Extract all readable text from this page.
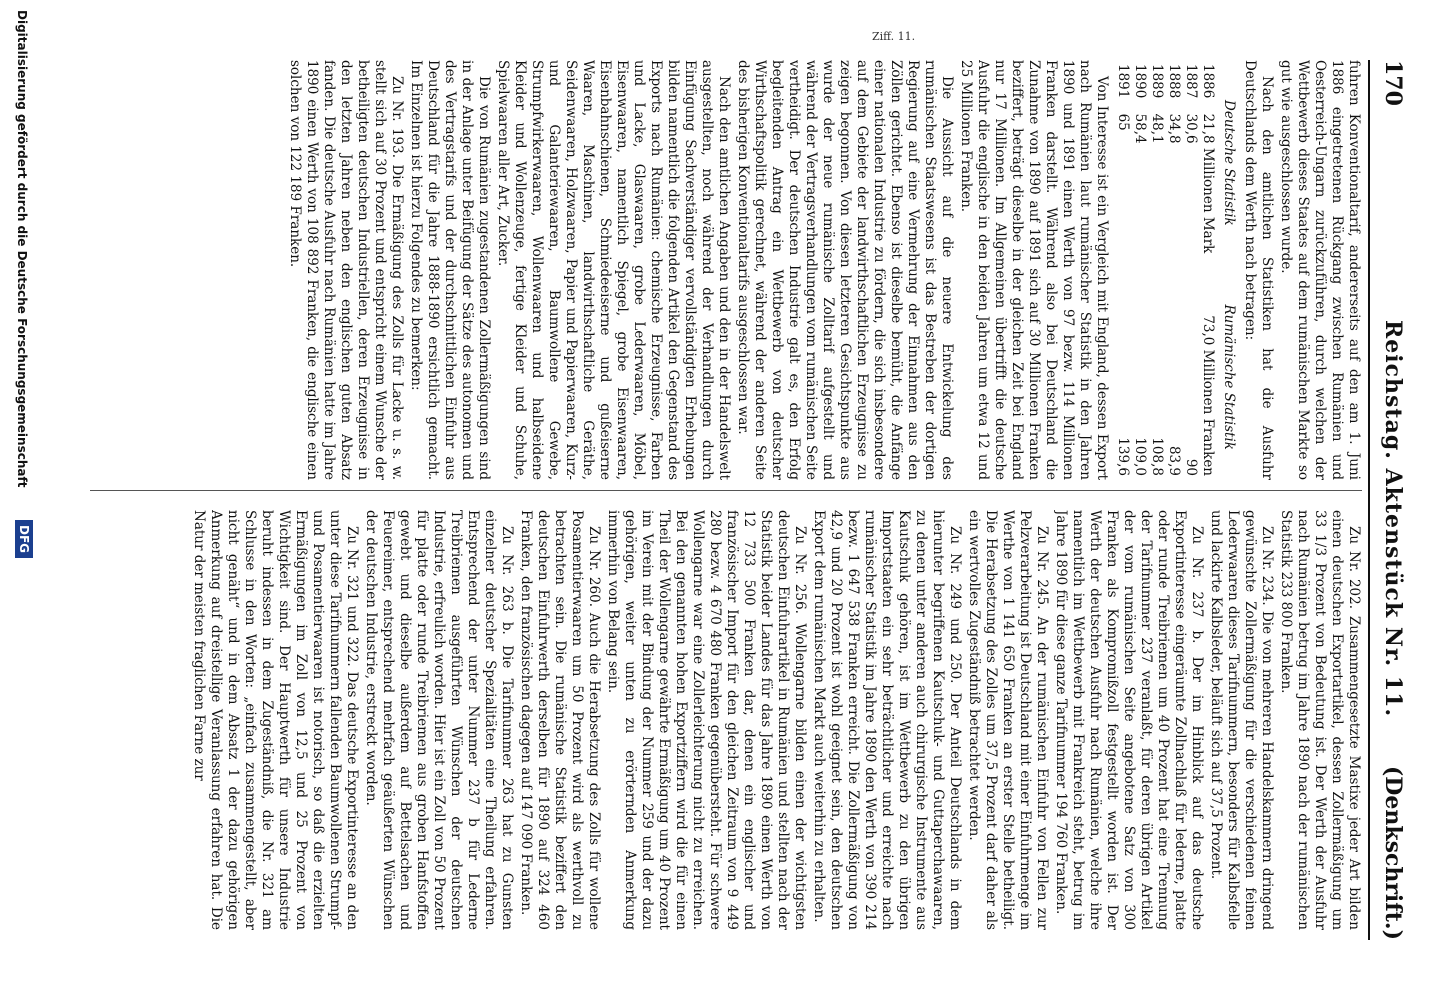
170
Reichstag. Aktenstück Nr. 11.
(Denkschrift.)
Ziff. 11.

fuhren Konventionaltarif, andererseits auf den am 1. Juni 1886 eingetretenen Rückgang zwischen Rumänien und Oesterreich-Ungarn zurückzuführen, durch welchen der Wettbewerb dieses Staates auf dem rumänischen Markte so gut wie ausgeschlossen wurde.

Nach den amtlichen Statistiken hat die Ausfuhr Deutschlands dem Werth nach betragen:

Deutsche Statistik
Rumänische Statistik
1886	21,8 Millionen Mark	73,0 Millionen Franken
1887	30,6	90
1888	34,8	83,9
1889	48,1	108,8
1890	58,4	109,0
1891	65	139,6

Von Interesse ist ein Vergleich mit England, dessen Export nach Rumänien laut rumänischer Statistik in den Jahren 1890 und 1891 einen Werth von 97 bezw. 114 Millionen Franken darstellt. Während also bei Deutschland die Zunahme von 1890 auf 1891 sich auf 30 Millionen Franken beziffert, beträgt dieselbe in der gleichen Zeit bei England nur 17 Millionen. Im Allgemeinen übertrifft die deutsche Ausfuhr die englische in den beiden Jahren um etwa 12 und 25 Millionen Franken.

Die Aussicht auf die neuere Entwickelung des rumänischen Staatswesens ist das Bestreben der dortigen Regierung auf eine Vermehrung der Einnahmen aus den Zöllen gerichtet. Ebenso ist dieselbe bemüht, die Anfänge einer nationalen Industrie zu fördern, die sich insbesondere auf dem Gebiete der landwirthschaftlichen Erzeugnisse zu zeigen begonnen. Von diesen letzteren Gesichtspunkte aus wurde der neue rumänische Zolltarif aufgestellt und während der Vertragsverhandlungen vom rumänischen Seite vertheidigt. Der deutschen Industrie galt es, den Erfolg begleitenden Antrag ein Wettbewerb von deutscher Wirthschaftspolitik gerechnet, während der anderen Seite des bisherigen Konventionaltarifs ausgeschlossen war.

Nach den amtlichen Angaben und den in der Handelswelt ausgestellten, noch während der Verhandlungen durch Einfügung Sachverständiger vervollständigten Erhebungen bilden namentlich die folgenden Artikel den Gegenstand des Exports nach Rumänien: chemische Erzeugnisse, Farben und Lacke, Glaswaaren, grobe Lederwaaren, Möbel, Eisenwaaren, namentlich Spiegel, grobe Eisenwaaren, Eisenbahnschienen, Schmiedeeiserne und gußeiserne Waaren, Maschinen, landwirthschaftliche Geräthe, Seidenwaaren, Holzwaaren, Papier und Papierwaaren, Kurz- und Galanteriewaaren, Baumwollene Gewebe, Strumpfwirkerwaaren, Wollenwaaren und halbseidene Kleider und Wollenzeuge, fertige Kleider und Schuhe, Spielwaaren aller Art, Zucker.

Die von Rumänien zugestandenen Zollermäßigungen sind in der Anlage unter Beifügung der Sätze des autonomen und des Vertragstarifs und der durchschnittlichen Einfuhr aus Deutschland für die Jahre 1888-1890 ersichtlich gemacht. Im Einzelnen ist hierzu Folgendes zu bemerken:

Zu Nr. 193. Die Ermäßigung des Zolls für Lacke u. s. w. stellt sich auf 30 Prozent und entspricht einem Wunsche der betheiligten deutschen Industriellen, deren Erzeugnisse in den letzten Jahren neben den englischen guten Absatz fanden. Die deutsche Ausfuhr nach Rumänien hatte im Jahre 1890 einen Werth von 108 892 Franken, die englische einen solchen von 122 189 Franken.

Zu Nr. 202. Zusammengesetzte Mastixe jeder Art bilden einen deutschen Exportartikel, dessen Zollermäßigung um 33 1/3 Prozent von Bedeutung ist. Der Werth der Ausfuhr nach Rumänien betrug im Jahre 1890 nach der rumänischen Statistik 233 800 Franken.

Zu Nr. 234. Die von mehreren Handelskammern dringend gewünschte Zollermäßigung für die verschiedenen feinen Lederwaaren dieses Tarifnummern, besonders für Kalbsfelle und lackirte Kalbsleder, beläuft sich auf 37,5 Prozent.

Zu Nr. 237 b. Der im Hinblick auf das deutsche Exportinteresse eingeräumte Zollnachlaß für lederne, platte oder runde Treibriemen um 40 Prozent hat eine Trennung der Tarifnummer 237 veranlaßt, für deren übrigen Artikel der vom rumänischen Seite angebotene Satz von 300 Franken als Kompromißzoll festgestellt worden ist. Der Werth der deutschen Ausfuhr nach Rumänien, welche ihre namentlich im Wettbewerb mit Frankreich steht, betrug im Jahre 1890 für diese ganze Tarifnummer 194 760 Franken.

Zu Nr. 245. An der rumänischen Einfuhr von Fellen zur Pelzverarbeitung ist Deutschland mit einer Einfuhrmenge im Werthe von 1 141 650 Franken an erster Stelle betheiligt. Die Herabsetzung des Zolles um 37,5 Prozent darf daher als ein wertvolles Zugeständniß betrachtet werden.

Zu Nr. 249 und 250. Der Anteil Deutschlands in dem hierunter begriffenen Kautschuk- und Guttaperchawaaren, zu denen unter anderen auch chirurgische Instrumente aus Kautschuk gehören, ist im Wettbewerb zu den übrigen Importstaaten ein sehr beträchtlicher und erreichte nach rumänischer Statistik im Jahre 1890 den Werth von 390 214 bezw. 1 647 538 Franken erreicht. Die Zollermäßigung von 42,9 und 20 Prozent ist wohl geeignet sein, den deutschen Export dem rumänischen Markt auch weiterhin zu erhalten.

Zu Nr. 256. Wollengarne bilden einen der wichtigsten deutschen Einfuhrartikel in Rumänien und stellten nach der Statistik beider Landes für das Jahre 1890 einen Werth von 12 733 500 Franken dar, denen ein englischer und französischer Import für den gleichen Zeitraum von 9 449 280 bezw. 4 670 480 Franken gegenübersteht. Für schwere Wollengarne war eine Zollerleichterung nicht zu erreichen. Bei den genannten hohen Exportziffern wird die für einen Theil der Wollengarne gewährte Ermäßigung um 40 Prozent im Verein mit der Bindung der Nummer 259 und der dazu gehörigen, weiter unten zu erörternden Anmerkung immerhin von Belang sein.

Zu Nr. 260. Auch die Herabsetzung des Zolls für wollene Posamentierwaaren um 50 Prozent wird als werthvoll zu betrachten sein. Die rumänische Statistik beziffert den deutschen Einfuhrwerth derselben für 1890 auf 324 460 Franken, den französischen dagegen auf 147 090 Franken.

Zu Nr. 263 b. Die Tarifnummer 263 hat zu Gunsten einzelner deutscher Spezialitäten eine Theilung erfahren. Entsprechend der unter Nummer 237 b für Lederne Treibriemen ausgeführten Wünschen der deutschen Industrie, erfreulich worden. Hier ist ein Zoll von 50 Prozent für platte oder runde Treibriemen aus groben Hanfstoffen gewebt und dieselbe außerdem auf Bettelsachen und Feuereimer, entsprechend mehrfach geäußerten Wünschen der deutschen Industrie, erstreckt worden.

Zu Nr. 321 und 322. Das deutsche Exportinteresse an den unter diese Tarifnummern fallenden Baumwollenen Strumpf- und Posamentierwaaren ist notorisch, so daß die erzielten Ermäßigungen im Zoll von 12,5 und 25 Prozent von Wichtigkeit sind. Der Hauptwerth für unsere Industrie beruht indessen in dem Zugeständniß, die Nr. 321 am Schlusse in den Worten: „einfach zusammengestellt, aber nicht genäht“ und in dem Absatz 1 der dazu gehörigen Anmerkung auf dreistellige Veranlassung erfahren hat. Die Natur der meisten fraglichen Farne zur

Digitalisierung gefördert durch die Deutsche Forschungsgemeinschaft
DFG
